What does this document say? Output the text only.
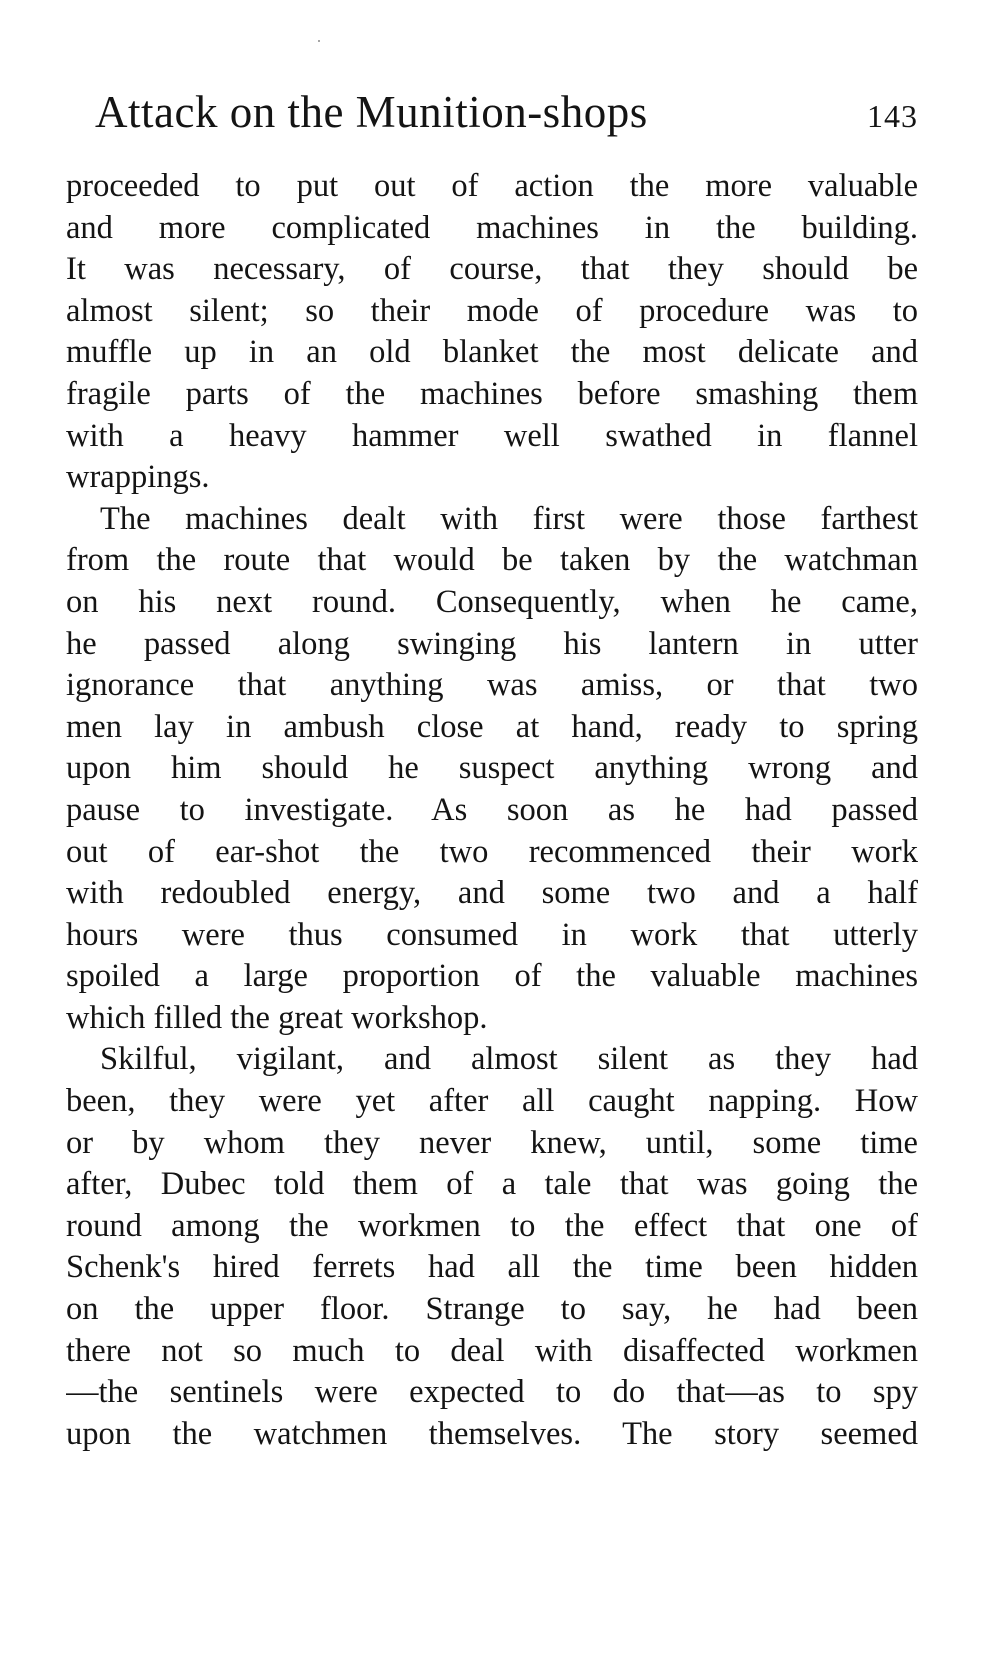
Attack on the Munition-shops	143
proceeded to put out of action the more valuable
and more complicated machines in the building.
It was necessary, of course, that they should be
almost silent; so their mode of procedure was to
muffle up in an old blanket the most delicate and
fragile parts of the machines before smashing them
with a heavy hammer well swathed in flannel
wrappings.
The machines dealt with first were those farthest
from the route that would be taken by the watchman
on his next round. Consequently, when he came,
he passed along swinging his lantern in utter
ignorance that anything was amiss, or that two
men lay in ambush close at hand, ready to spring
upon him should he suspect anything wrong and
pause to investigate. As soon as he had passed
out of ear-shot the two recommenced their work
with redoubled energy, and some two and a half
hours were thus consumed in work that utterly
spoiled a large proportion of the valuable machines
which filled the great workshop.
Skilful, vigilant, and almost silent as they had
been, they were yet after all caught napping. How
or by whom they never knew, until, some time
after, Dubec told them of a tale that was going the
round among the workmen to the effect that one of
Schenk's hired ferrets had all the time been hidden
on the upper floor. Strange to say, he had been
there not so much to deal with disaffected workmen
—the sentinels were expected to do that—as to spy
upon the watchmen themselves. The story seemed
